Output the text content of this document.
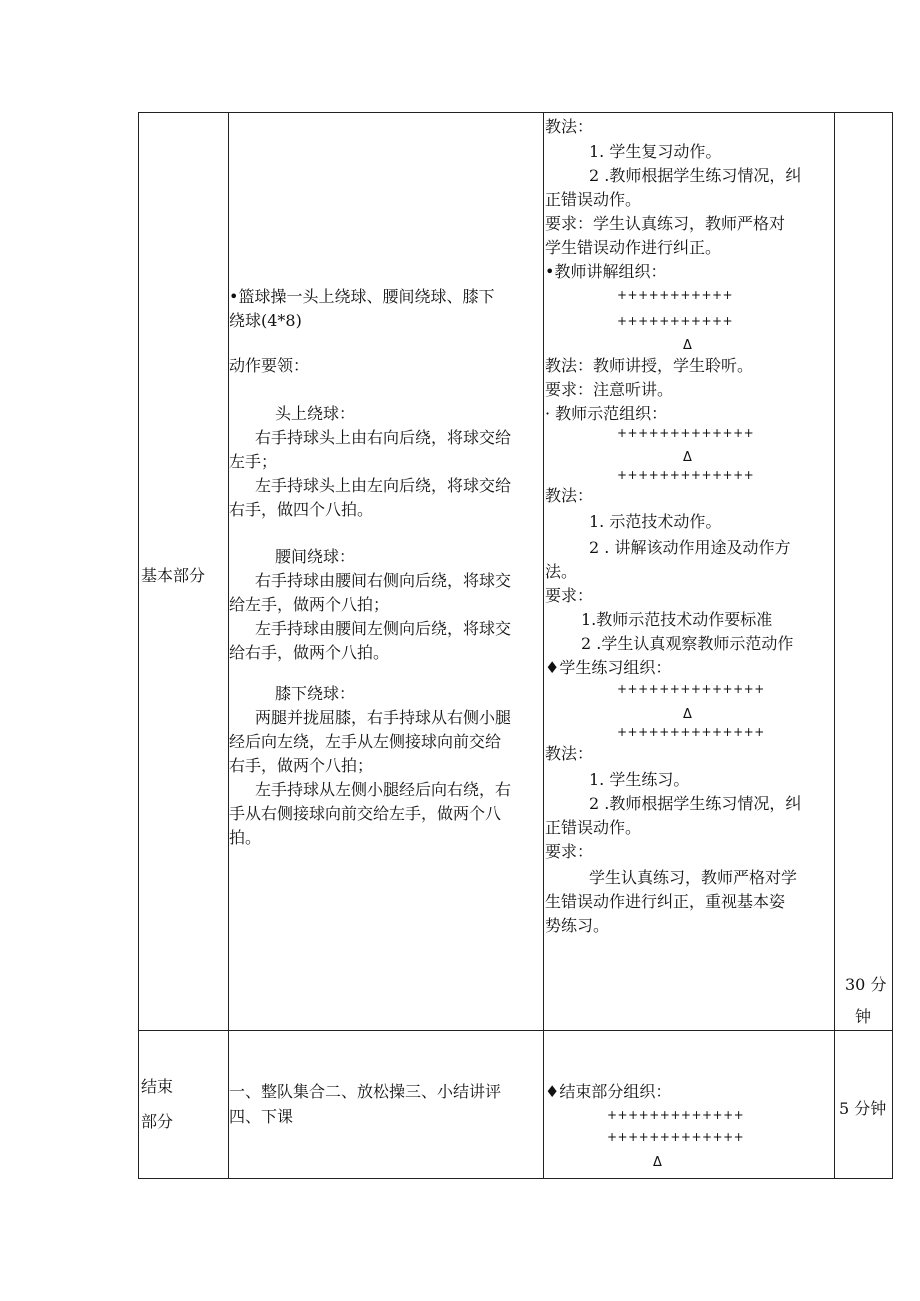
基本部分
结束
部分
•篮球操一头上绕球、腰间绕球、膝下
绕球(4*8)
动作要领：
头上绕球：
右手持球头上由右向后绕，将球交给
左手；
左手持球头上由左向后绕，将球交给
右手，做四个八拍。
腰间绕球：
右手持球由腰间右侧向后绕，将球交
给左手，做两个八拍；
左手持球由腰间左侧向后绕，将球交
给右手，做两个八拍。
膝下绕球：
两腿并拢屈膝，右手持球从右侧小腿
经后向左绕，左手从左侧接球向前交给
右手，做两个八拍；
左手持球从左侧小腿经后向右绕，右
手从右侧接球向前交给左手，做两个八
拍。
一、整队集合二、放松操三、小结讲评
四、下课
教法：
1. 学生复习动作。
2 .教师根据学生练习情况，纠
正错误动作。
要求：学生认真练习，教师严格对
学生错误动作进行纠正。
•教师讲解组织：
+++++++++++
+++++++++++
Δ
教法：教师讲授，学生聆听。
要求：注意听讲。
· 教师示范组织：
+++++++++++++
Δ
+++++++++++++
教法：
1. 示范技术动作。
2 . 讲解该动作用途及动作方
法。
要求：
1.教师示范技术动作要标准
2 .学生认真观察教师示范动作
♦学生练习组织：
++++++++++++++
Δ
++++++++++++++
教法：
1. 学生练习。
2 .教师根据学生练习情况，纠
正错误动作。
要求：
学生认真练习，教师严格对学
生错误动作进行纠正，重视基本姿
势练习。
♦结束部分组织：
+++++++++++++
+++++++++++++
Δ
30 分
钟
5 分钟
